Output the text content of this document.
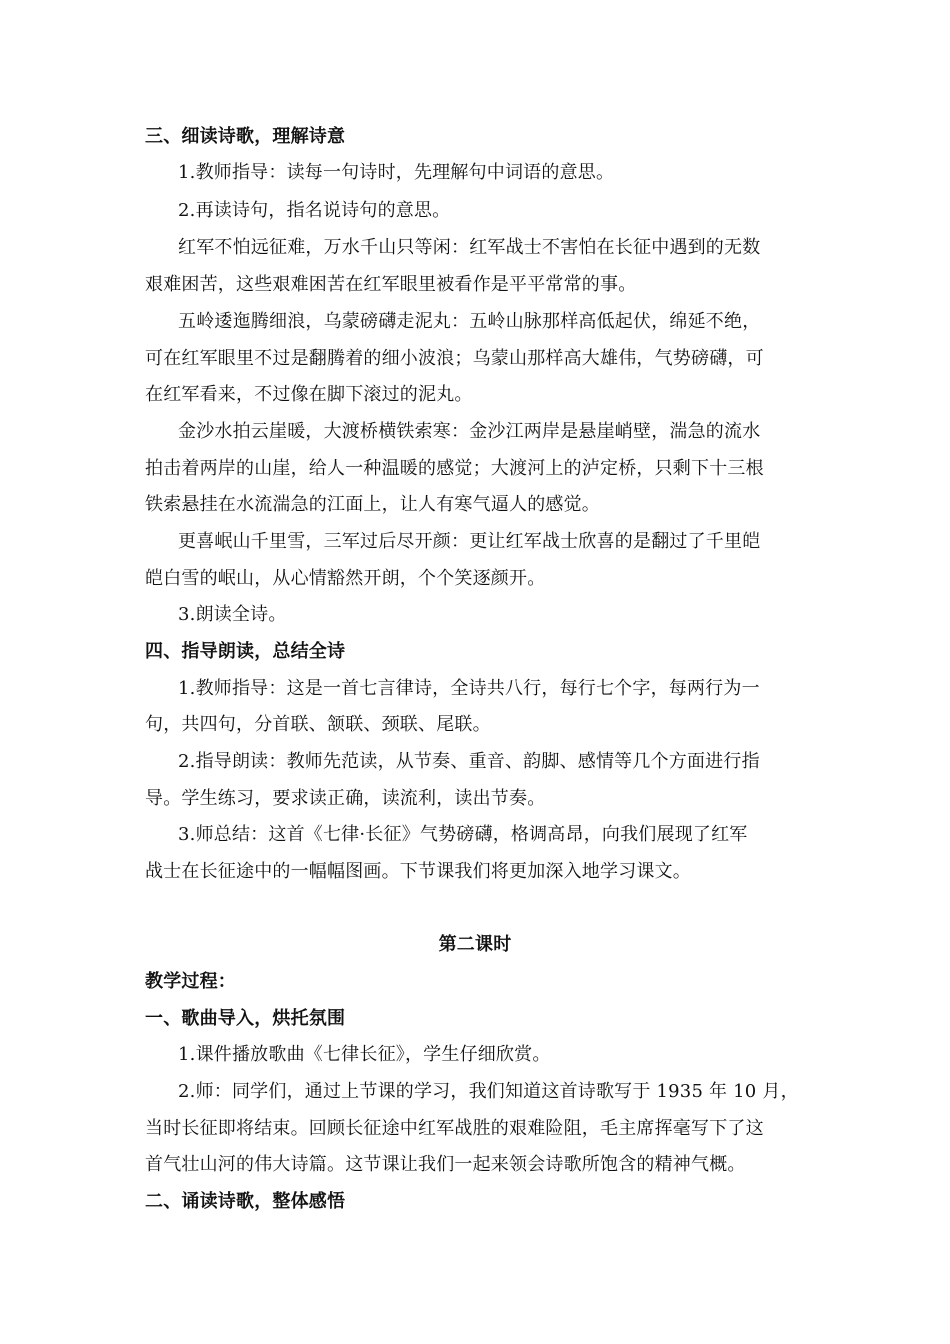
三、细读诗歌，理解诗意
1.教师指导：读每一句诗时，先理解句中词语的意思。
2.再读诗句，指名说诗句的意思。
红军不怕远征难，万水千山只等闲：红军战士不害怕在长征中遇到的无数
艰难困苦，这些艰难困苦在红军眼里被看作是平平常常的事。
五岭逶迤腾细浪，乌蒙磅礴走泥丸：五岭山脉那样高低起伏，绵延不绝，
可在红军眼里不过是翻腾着的细小波浪；乌蒙山那样高大雄伟，气势磅礴，可
在红军看来，不过像在脚下滚过的泥丸。
金沙水拍云崖暖，大渡桥横铁索寒：金沙江两岸是悬崖峭壁，湍急的流水
拍击着两岸的山崖，给人一种温暖的感觉；大渡河上的泸定桥，只剩下十三根
铁索悬挂在水流湍急的江面上，让人有寒气逼人的感觉。
更喜岷山千里雪，三军过后尽开颜：更让红军战士欣喜的是翻过了千里皑
皑白雪的岷山，从心情豁然开朗，个个笑逐颜开。
3.朗读全诗。
四、指导朗读，总结全诗
1.教师指导：这是一首七言律诗，全诗共八行，每行七个字，每两行为一
句，共四句，分首联、颔联、颈联、尾联。
2.指导朗读：教师先范读，从节奏、重音、韵脚、感情等几个方面进行指
导。学生练习，要求读正确，读流利，读出节奏。
3.师总结：这首《七律·长征》气势磅礴，格调高昂，向我们展现了红军
战士在长征途中的一幅幅图画。下节课我们将更加深入地学习课文。
第二课时
教学过程：
一、歌曲导入，烘托氛围
1.课件播放歌曲《七律长征》，学生仔细欣赏。
2.师：同学们，通过上节课的学习，我们知道这首诗歌写于 1935 年 10 月，
当时长征即将结束。回顾长征途中红军战胜的艰难险阻，毛主席挥毫写下了这
首气壮山河的伟大诗篇。这节课让我们一起来领会诗歌所饱含的精神气概。
二、诵读诗歌，整体感悟
